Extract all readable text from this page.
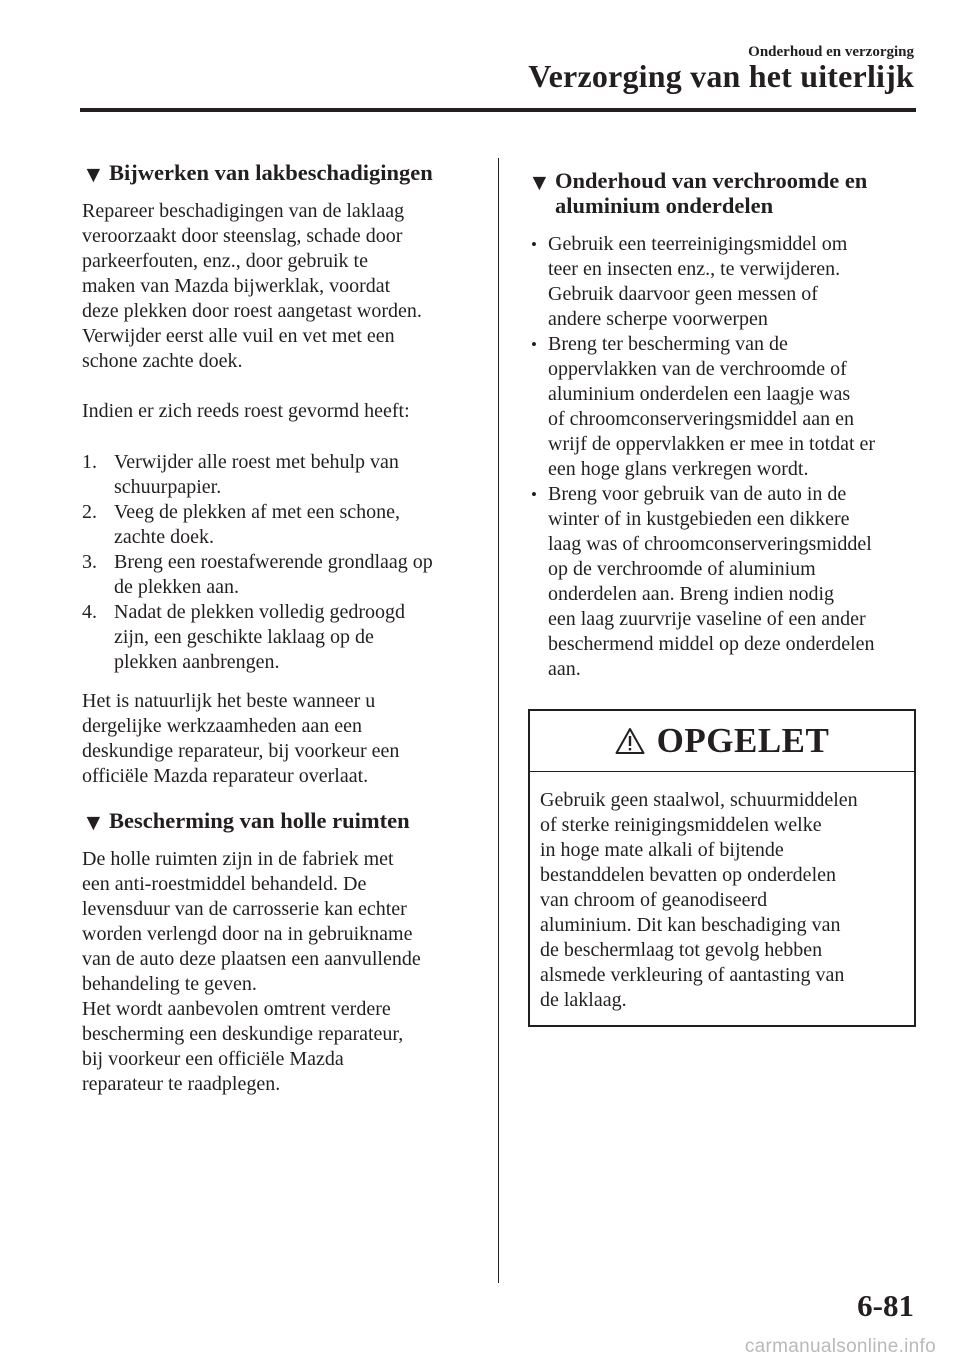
Onderhoud en verzorging

Verzorging van het uiterlijk

▼ Bijwerken van lakbeschadigingen

Repareer beschadigingen van de laklaag
veroorzaakt door steenslag, schade door
parkeerfouten, enz., door gebruik te
maken van Mazda bijwerklak, voordat
deze plekken door roest aangetast worden.
Verwijder eerst alle vuil en vet met een
schone zachte doek.

Indien er zich reeds roest gevormd heeft:

1. Verwijder alle roest met behulp van
schuurpapier.
2. Veeg de plekken af met een schone,
zachte doek.
3. Breng een roestafwerende grondlaag op
de plekken aan.
4. Nadat de plekken volledig gedroogd
zijn, een geschikte laklaag op de
plekken aanbrengen.

Het is natuurlijk het beste wanneer u
dergelijke werkzaamheden aan een
deskundige reparateur, bij voorkeur een
officiële Mazda reparateur overlaat.

▼ Bescherming van holle ruimten

De holle ruimten zijn in de fabriek met
een anti-roestmiddel behandeld. De
levensduur van de carrosserie kan echter
worden verlengd door na in gebruikname
van de auto deze plaatsen een aanvullende
behandeling te geven.
Het wordt aanbevolen omtrent verdere
bescherming een deskundige reparateur,
bij voorkeur een officiële Mazda
reparateur te raadplegen.

▼ Onderhoud van verchroomde en
aluminium onderdelen
• Gebruik een teerreinigingsmiddel om
teer en insecten enz., te verwijderen.
Gebruik daarvoor geen messen of
andere scherpe voorwerpen
• Breng ter bescherming van de
oppervlakken van de verchroomde of
aluminium onderdelen een laagje was
of chroomconserveringsmiddel aan en
wrijf de oppervlakken er mee in totdat er
een hoge glans verkregen wordt.
• Breng voor gebruik van de auto in de
winter of in kustgebieden een dikkere
laag was of chroomconserveringsmiddel
op de verchroomde of aluminium
onderdelen aan. Breng indien nodig
een laag zuurvrije vaseline of een ander
beschermend middel op deze onderdelen
aan.
OPGELET
Gebruik geen staalwol, schuurmiddelen
of sterke reinigingsmiddelen welke
in hoge mate alkali of bijtende
bestanddelen bevatten op onderdelen
van chroom of geanodiseerd
aluminium. Dit kan beschadiging van
de beschermlaag tot gevolg hebben
alsmede verkleuring of aantasting van
de laklaag.

6-81

carmanualsonline.info
